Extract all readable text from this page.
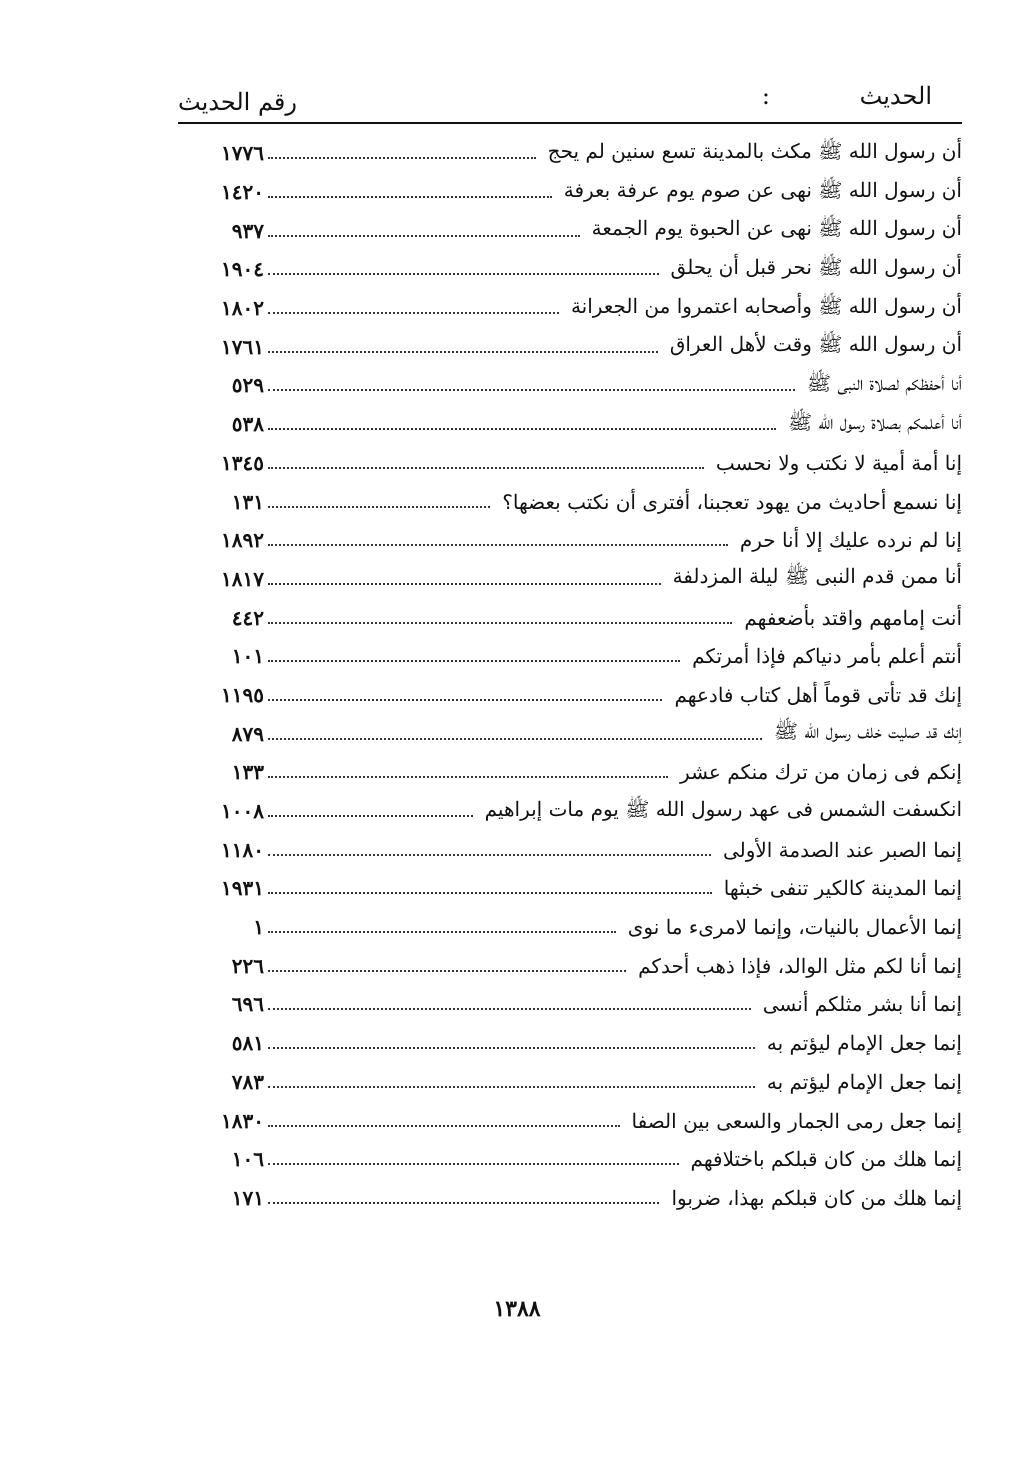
الحديث
:
رقم الحديث
أن رسول الله ﷺ مكث بالمدينة تسع سنين لم يحج
١٧٧٦
أن رسول الله ﷺ نهى عن صوم يوم عرفة بعرفة
١٤٢٠
أن رسول الله ﷺ نهى عن الحبوة يوم الجمعة
٩٣٧
أن رسول الله ﷺ نحر قبل أن يحلق
١٩٠٤
أن رسول الله ﷺ وأصحابه اعتمروا من الجعرانة
١٨٠٢
أن رسول الله ﷺ وقت لأهل العراق
١٧٦١
أنا أحفظكم لصلاة النبى ﷺ
٥٢٩
أنا أعلمكم بصلاة رسول الله ﷺ
٥٣٨
إنا أمة أمية لا نكتب ولا نحسب
١٣٤٥
إنا نسمع أحاديث من يهود تعجبنا، أفترى أن نكتب بعضها؟
١٣١
إنا لم نرده عليك إلا أنا حرم
١٨٩٢
أنا ممن قدم النبى ﷺ ليلة المزدلفة
١٨١٧
أنت إمامهم واقتد بأضعفهم
٤٤٢
أنتم أعلم بأمر دنياكم فإذا أمرتكم
١٠١
إنك قد تأتى قوماً أهل كتاب فادعهم
١١٩٥
إنك قد صليت خلف رسول الله ﷺ
٨٧٩
إنكم فى زمان من ترك منكم عشر
١٣٣
انكسفت الشمس فى عهد رسول الله ﷺ يوم مات إبراهيم
١٠٠٨
إنما الصبر عند الصدمة الأولى
١١٨٠
إنما المدينة كالكير تنفى خبثها
١٩٣١
إنما الأعمال بالنيات، وإنما لامرىء ما نوى
١
إنما أنا لكم مثل الوالد، فإذا ذهب أحدكم
٢٢٦
إنما أنا بشر مثلكم أنسى
٦٩٦
إنما جعل الإمام ليؤتم به
٥٨١
إنما جعل الإمام ليؤتم به
٧٨٣
إنما جعل رمى الجمار والسعى بين الصفا
١٨٣٠
إنما هلك من كان قبلكم باختلافهم
١٠٦
إنما هلك من كان قبلكم بهذا، ضربوا
١٧١
١٣٨٨
